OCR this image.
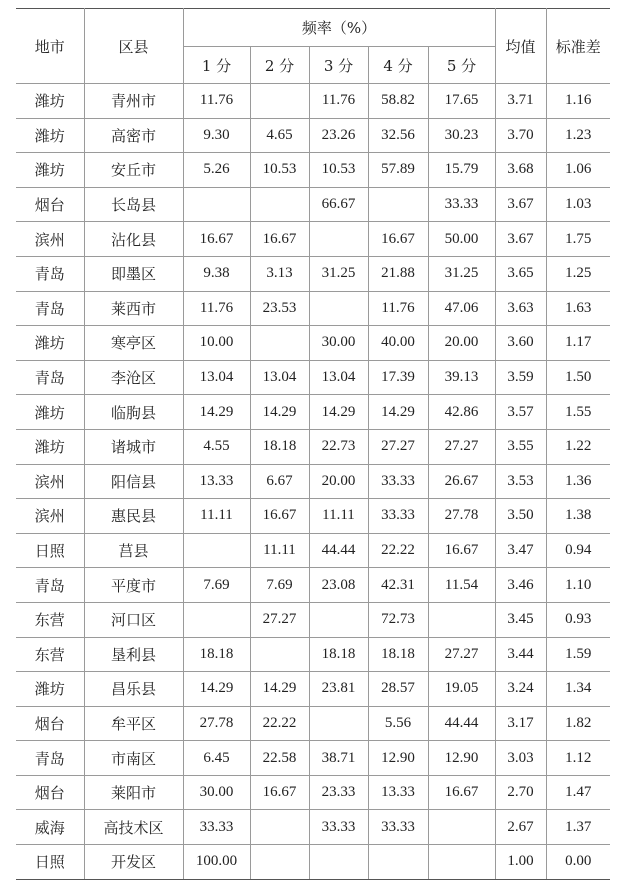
地市	区县	频率（%）					均值	标准差
		1 分	2 分	3 分	4 分	5 分		
潍坊	青州市	11.76		11.76	58.82	17.65	3.71	1.16
潍坊	高密市	9.30	4.65	23.26	32.56	30.23	3.70	1.23
潍坊	安丘市	5.26	10.53	10.53	57.89	15.79	3.68	1.06
烟台	长岛县			66.67		33.33	3.67	1.03
滨州	沾化县	16.67	16.67		16.67	50.00	3.67	1.75
青岛	即墨区	9.38	3.13	31.25	21.88	31.25	3.65	1.25
青岛	莱西市	11.76	23.53		11.76	47.06	3.63	1.63
潍坊	寒亭区	10.00		30.00	40.00	20.00	3.60	1.17
青岛	李沧区	13.04	13.04	13.04	17.39	39.13	3.59	1.50
潍坊	临朐县	14.29	14.29	14.29	14.29	42.86	3.57	1.55
潍坊	诸城市	4.55	18.18	22.73	27.27	27.27	3.55	1.22
滨州	阳信县	13.33	6.67	20.00	33.33	26.67	3.53	1.36
滨州	惠民县	11.11	16.67	11.11	33.33	27.78	3.50	1.38
日照	莒县		11.11	44.44	22.22	16.67	3.47	0.94
青岛	平度市	7.69	7.69	23.08	42.31	11.54	3.46	1.10
东营	河口区		27.27		72.73		3.45	0.93
东营	垦利县	18.18		18.18	18.18	27.27	3.44	1.59
潍坊	昌乐县	14.29	14.29	23.81	28.57	19.05	3.24	1.34
烟台	牟平区	27.78	22.22		5.56	44.44	3.17	1.82
青岛	市南区	6.45	22.58	38.71	12.90	12.90	3.03	1.12
烟台	莱阳市	30.00	16.67	23.33	13.33	16.67	2.70	1.47
威海	高技术区	33.33		33.33	33.33		2.67	1.37
日照	开发区	100.00					1.00	0.00
